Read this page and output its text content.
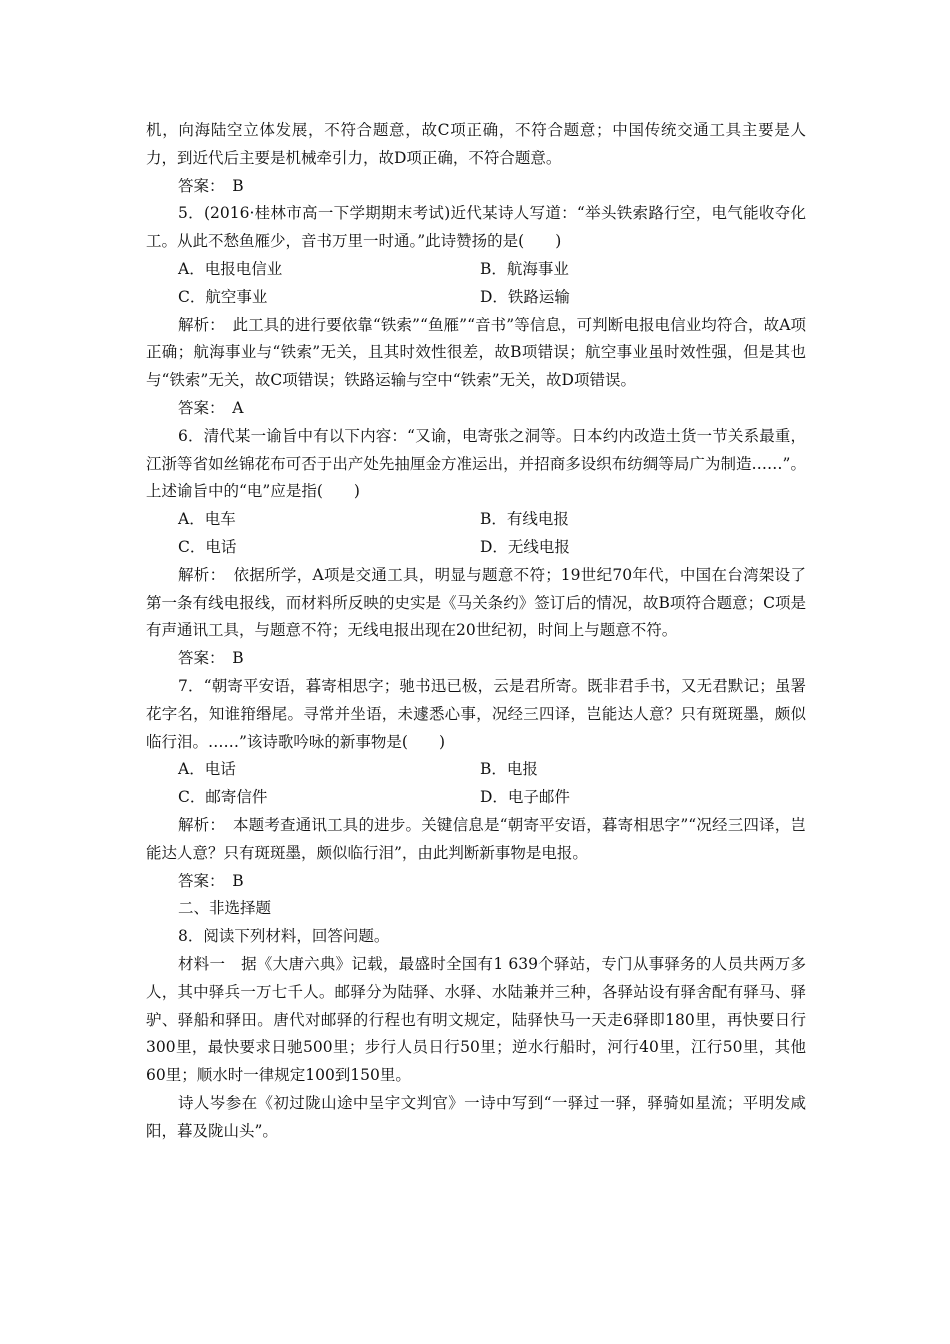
机，向海陆空立体发展，不符合题意，故C项正确，不符合题意；中国传统交通工具主要是人力，到近代后主要是机械牵引力，故D项正确，不符合题意。

答案：　B

5．(2016·桂林市高一下学期期末考试)近代某诗人写道：“举头铁索路行空，电气能收夺化工。从此不愁鱼雁少，音书万里一时通。”此诗赞扬的是(　　)

A．电报电信业	B．航海事业
C．航空事业	D．铁路运输

解析：　此工具的进行要依靠“铁索”“鱼雁”“音书”等信息，可判断电报电信业均符合，故A项正确；航海事业与“铁索”无关，且其时效性很差，故B项错误；航空事业虽时效性强，但是其也与“铁索”无关，故C项错误；铁路运输与空中“铁索”无关，故D项错误。

答案：　A

6．清代某一谕旨中有以下内容：“又谕，电寄张之洞等。日本约内改造土货一节关系最重，江浙等省如丝锦花布可否于出产处先抽厘金方准运出，并招商多设织布纺绸等局广为制造……”。上述谕旨中的“电”应是指(　　)

A．电车	B．有线电报
C．电话	D．无线电报

解析：　依据所学，A项是交通工具，明显与题意不符；19世纪70年代，中国在台湾架设了第一条有线电报线，而材料所反映的史实是《马关条约》签订后的情况，故B项符合题意；C项是有声通讯工具，与题意不符；无线电报出现在20世纪初，时间上与题意不符。

答案：　B

7．“朝寄平安语，暮寄相思字；驰书迅已极，云是君所寄。既非君手书，又无君默记；虽署花字名，知谁箝缗尾。寻常并坐语，未遽悉心事，况经三四译，岂能达人意？只有斑斑墨，颇似临行泪。……”该诗歌吟咏的新事物是(　　)

A．电话	B．电报
C．邮寄信件	D．电子邮件

解析：　本题考查通讯工具的进步。关键信息是“朝寄平安语，暮寄相思字”“况经三四译，岂能达人意？只有斑斑墨，颇似临行泪”，由此判断新事物是电报。

答案：　B

二、非选择题

8．阅读下列材料，回答问题。

材料一　据《大唐六典》记载，最盛时全国有1 639个驿站，专门从事驿务的人员共两万多人，其中驿兵一万七千人。邮驿分为陆驿、水驿、水陆兼并三种，各驿站设有驿舍配有驿马、驿驴、驿船和驿田。唐代对邮驿的行程也有明文规定，陆驿快马一天走6驿即180里，再快要日行300里，最快要求日驰500里；步行人员日行50里；逆水行船时，河行40里，江行50里，其他60里；顺水时一律规定100到150里。

诗人岑参在《初过陇山途中呈宇文判官》一诗中写到“一驿过一驿，驿骑如星流；平明发咸阳，暮及陇山头”。
